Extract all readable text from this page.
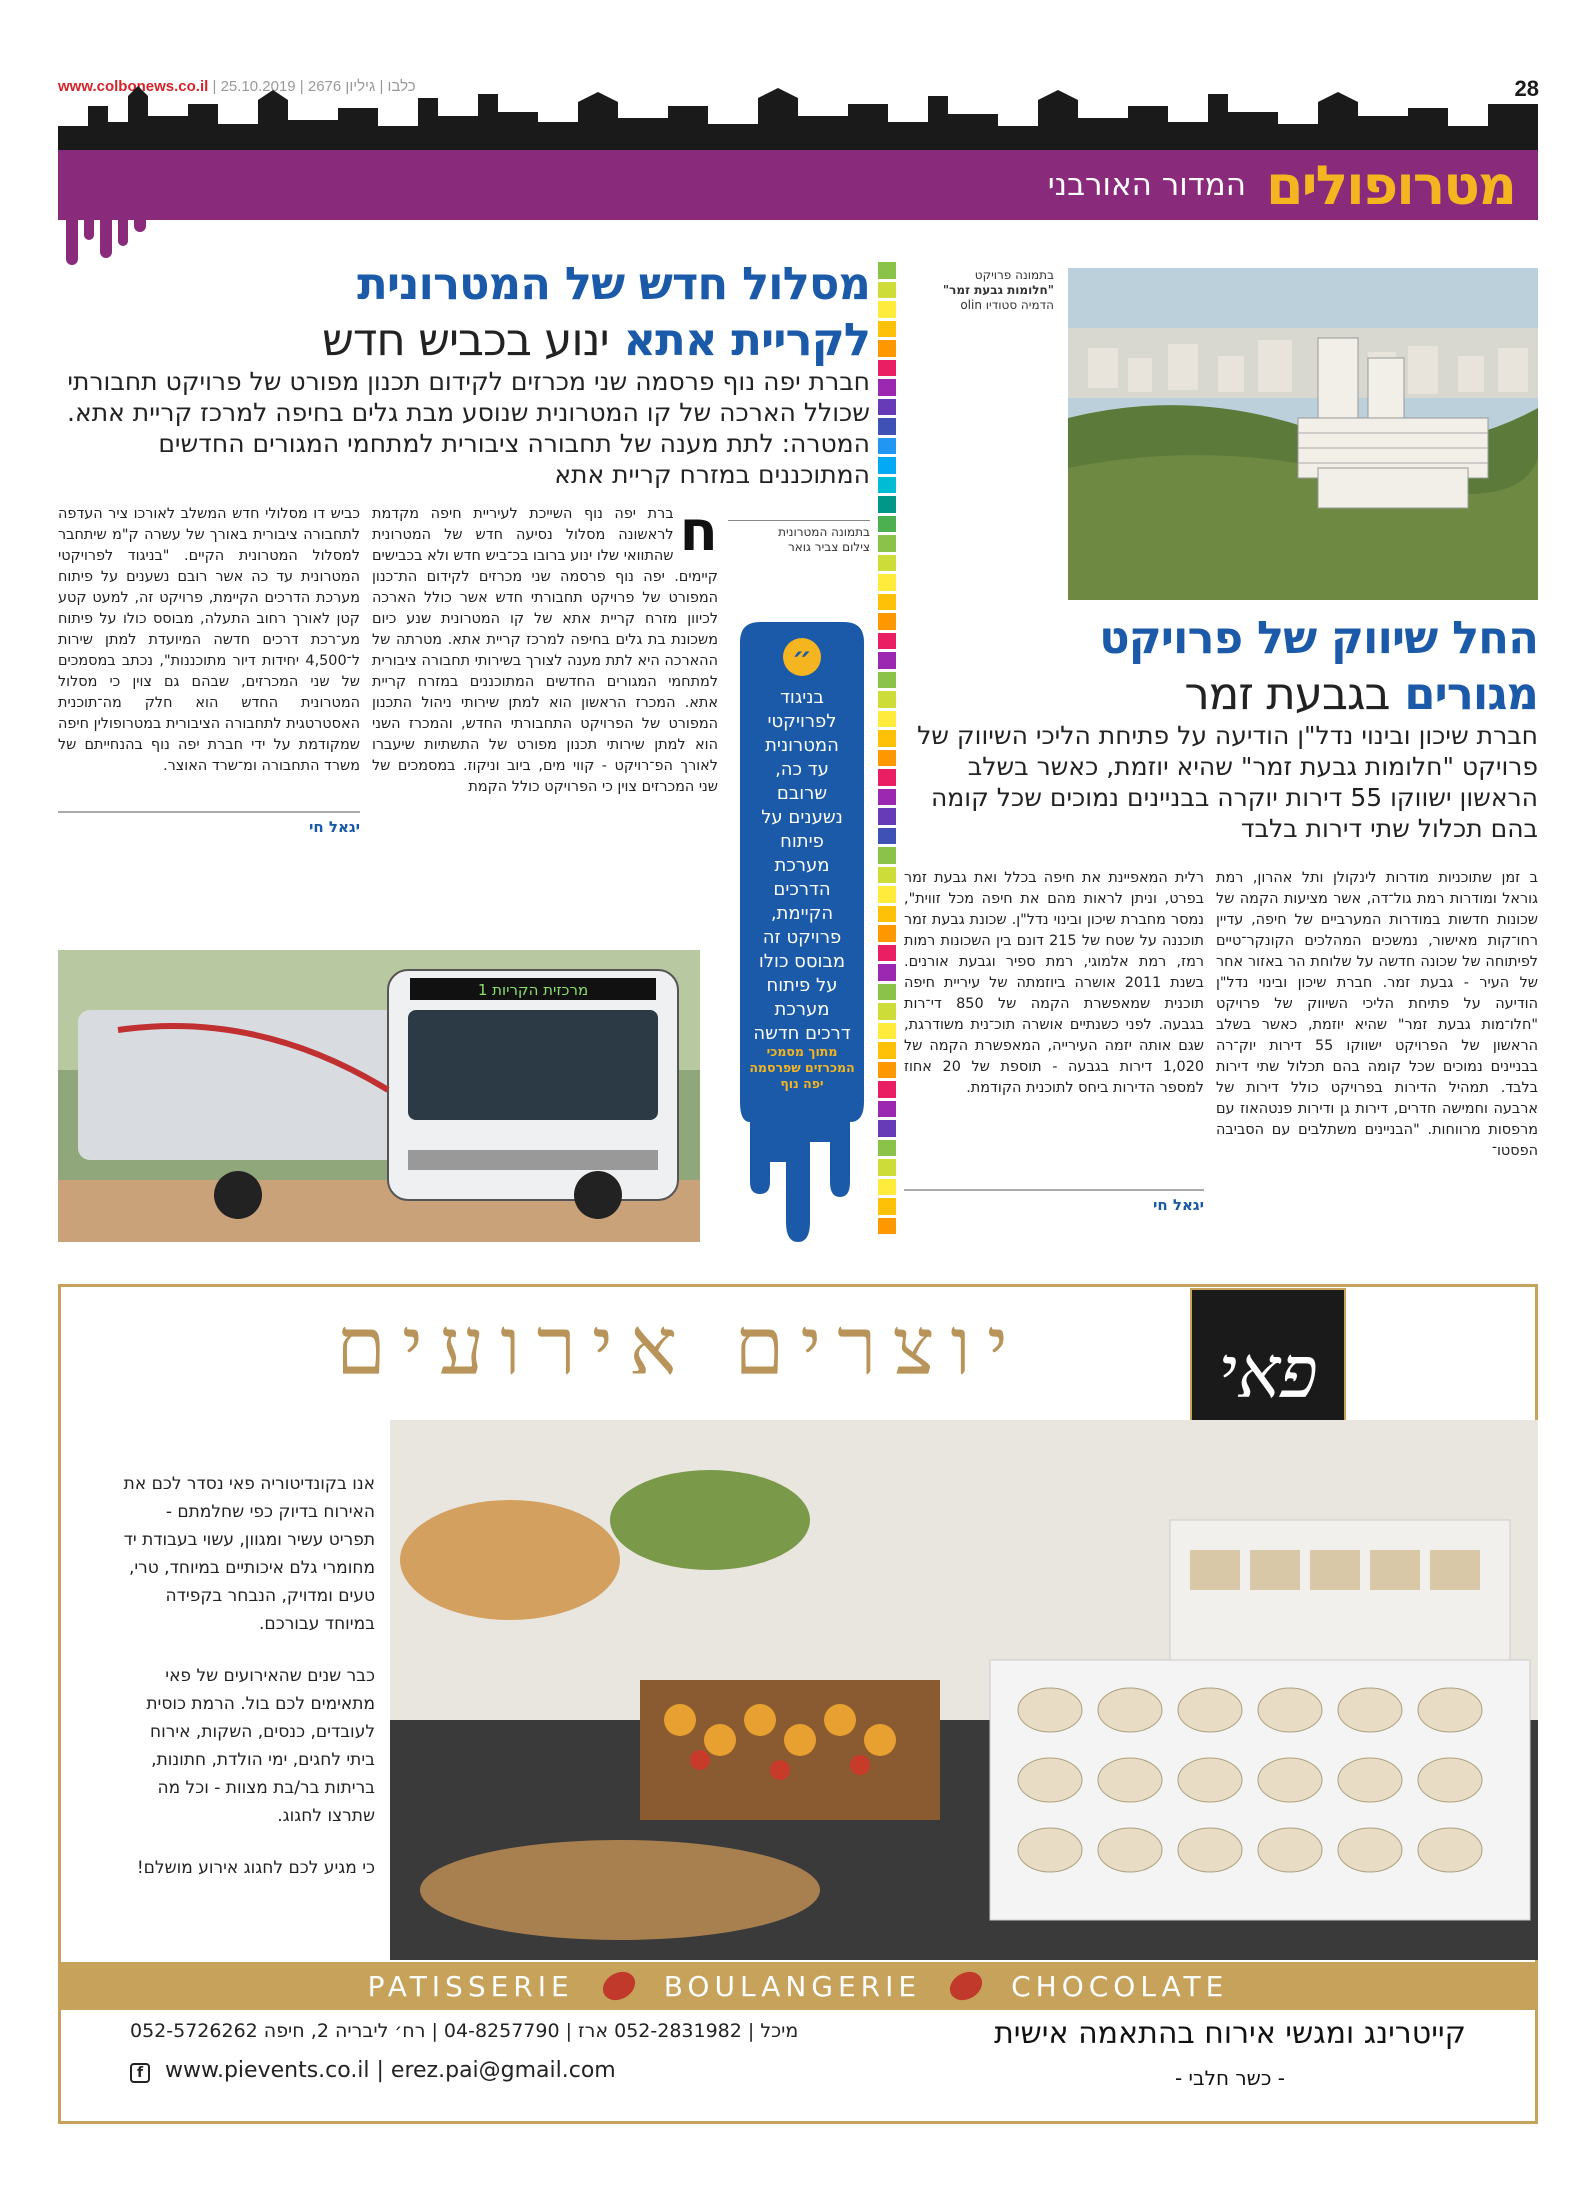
www.colbonews.co.il | כלבו | גיליון 2676 | 25.10.2019	28
מטרופולים
המדור האורבני
בתמונה פרויקט
"חלומות גבעת זמר"
הדמיה סטודיו olin
החל שיווק של פרויקט
מגורים בגבעת זמר
חברת שיכון ובינוי נדל"ן הודיעה על פתיחת הליכי השיווק של פרויקט "חלומות גבעת זמר" שהיא יוזמת, כאשר בשלב הראשון ישווקו 55 דירות יוקרה בבניינים נמוכים שכל קומה בהם תכלול שתי דירות בלבד
ב זמן שתוכניות מודרות לינקולן ותל אהרון, רמת גוראל ומודרות רמת גול־דה, אשר מציעות הקמה של שכונות חדשות במודרות המערביים של חיפה, עדיין רחו־קות מאישור, נמשכים המהלכים הקונקר־טיים לפיתוחה של שכונה חדשה על שלוחת הר באזור אחר של העיר - גבעת זמר. חברת שיכון ובינוי נדל"ן הודיעה על פתיחת הליכי השיווק של פרויקט "חלו־מות גבעת זמר" שהיא יוזמת, כאשר בשלב הראשון של הפרויקט ישווקו 55 דירות יוק־רה בבניינים נמוכים שכל קומה בהם תכלול שתי דירות בלבד. תמהיל הדירות בפרויקט כולל דירות של ארבעה וחמישה חדרים, דירות גן ודירות פנטהאוז עם מרפסות מרווחות. "הבניינים משתלבים עם הסביבה הפסטו־
רלית המאפיינת את חיפה בכלל ואת גבעת זמר בפרט, וניתן לראות מהם את חיפה מכל זווית", נמסר מחברת שיכון ובינוי נדל"ן. שכונת גבעת זמר תוכננה על שטח של 215 דונם בין השכונות רמות רמז, רמת אלמוגי, רמת ספיר וגבעת אורנים. בשנת 2011 אושרה ביוזמתה של עיריית חיפה תוכנית שמאפשרת הקמה של 850 די־רות בגבעה. לפני כשנתיים אושרה תוכ־נית משודרגת, שגם אותה יזמה העירייה, המאפשרת הקמה של 1,020 דירות בגבעה - תוספת של 20 אחוז למספר הדירות ביחס לתוכנית הקודמת.
יגאל חי
מסלול חדש של המטרונית
לקריית אתא ינוע בכביש חדש
חברת יפה נוף פרסמה שני מכרזים לקידום תכנון מפורט של פרויקט תחבורתי שכולל הארכה של קו המטרונית שנוסע מבת גלים בחיפה למרכז קריית אתא. המטרה: לתת מענה של תחבורה ציבורית למתחמי המגורים החדשים המתוכננים במזרח קריית אתא
בתמונה המטרונית
צילום צביר גואר
ח
ברת יפה נוף השייכת לעיריית חיפה מקדמת לראשונה מסלול נסיעה חדש של המטרונית שהתוואי שלו ינוע ברובו בכ־ביש חדש ולא בכבישים קיימים. יפה נוף פרסמה שני מכרזים לקידום הת־כנון המפורט של פרויקט תחבורתי חדש אשר כולל הארכה לכיוון מזרח קריית אתא של קו המטרונית שנע כיום משכונת בת גלים בחיפה למרכז קריית אתא. מטרתה של ההארכה היא לתת מענה לצורך בשירותי תחבורה ציבורית למתחמי המגורים החדשים המתוכננים במזרח קריית אתא. המכרז הראשון הוא למתן שירותי ניהול התכנון המפורט של הפרויקט התחבורתי החדש, והמכרז השני הוא למתן שירותי תכנון מפורט של התשתיות שיעברו לאורך הפ־רויקט - קווי מים, ביוב וניקוז. במסמכים של שני המכרזים צוין כי הפרויקט כולל הקמת
כביש דו מסלולי חדש המשלב לאורכו ציר העדפה לתחבורה ציבורית באורך של עשרה ק"מ שיתחבר למסלול המטרונית הקיים. "בניגוד לפרויקטי המטרונית עד כה אשר רובם נשענים על פיתוח מערכת הדרכים הקיימת, פרויקט זה, למעט קטע קטן לאורך רחוב התעלה, מבוסס כולו על פיתוח מע־רכת דרכים חדשה המיועדת למתן שירות ל־4,500 יחידות דיור מתוכננות", נכתב במסמכים של שני המכרזים, שבהם גם צוין כי מסלול המטרונית החדש הוא חלק מה־תוכנית האסטרטגית לתחבורה הציבורית במטרופולין חיפה שמקודמת על ידי חברת יפה נוף בהנחייתם של משרד התחבורה ומ־שרד האוצר.
יגאל חי
״
בניגוד לפרויקטי המטרונית עד כה, שרובם נשענים על פיתוח מערכת הדרכים הקיימת, פרויקט זה מבוסס כולו על פיתוח מערכת דרכים חדשה
מתוך מסמכי המכרזים שפרסמה יפה נוף
1 מרכזית הקריות
יוצרים אירועים	פאי

אנו בקונדיטוריה פאי נסדר לכם את האירוח בדיוק כפי שחלמתם - תפריט עשיר ומגוון, עשוי בעבודת יד מחומרי גלם איכותיים במיוחד, טרי, טעים ומדויק, הנבחר בקפידה במיוחד עבורכם.

כבר שנים שהאירועים של פאי מתאימים לכם בול. הרמת כוסית לעובדים, כנסים, השקות, אירוח ביתי לחגים, ימי הולדת, חתונות, בריתות בר/בת מצוות - וכל מה שתרצו לחגוג.

כי מגיע לכם לחגוג אירוע מושלם!

PATISSERIE	BOULANGERIE	CHOCOLATE
קייטרינג ומגשי אירוח בהתאמה אישית
- כשר חלבי -
052-5726262 מיכל | 052-2831982 ארז | 04-8257790 | רח׳ ליבריה 2, חיפה
f www.pievents.co.il | erez.pai@gmail.com
